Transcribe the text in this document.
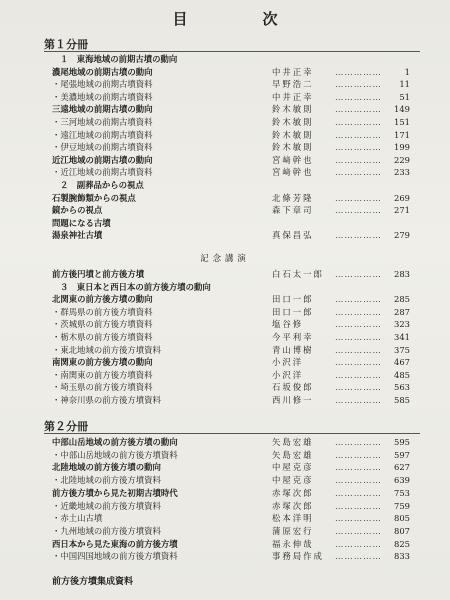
目　次
第１分冊
１　東海地域の前期古墳の動向
濃尾地域の前期古墳の動向	中井正幸	……………	1
・尾張地域の前期古墳資料	早野浩二	……………	11
・美濃地域の前期古墳資料	中井正幸	……………	51
三遠地域の前期古墳の動向	鈴木敏則	……………	149
・三河地域の前期古墳資料	鈴木敏則	……………	151
・遠江地域の前期古墳資料	鈴木敏則	……………	171
・伊豆地域の前期古墳資料	鈴木敏則	……………	199
近江地域の前期古墳の動向	宮﨑幹也	……………	229
・近江地域の前期古墳資料	宮﨑幹也	……………	233
２　副葬品からの視点
石製腕飾類からの視点	北條芳隆	……………	269
鏡からの視点	森下章司	……………	271
問題になる古墳
湯泉神社古墳	真保昌弘	……………	279
記念講演
前方後円墳と前方後方墳	白石太一郎 ……………	283
３　東日本と西日本の前方後方墳の動向
北関東の前方後方墳の動向	田口一郎	……………	285
・群馬県の前方後方墳資料	田口一郎	……………	287
・茨城県の前方後方墳資料	塩谷修	……………	323
・栃木県の前方後方墳資料	今平利幸	……………	341
・東北地域の前方後方墳資料	青山博樹	……………	375
南関東の前方後方墳の動向	小沢洋	……………	467
・南関東の前方後方墳資料	小沢洋	……………	485
・埼玉県の前方後方墳資料	石坂俊郎	……………	563
・神奈川県の前方後方墳資料	西川修一	……………	585
第２分冊
中部山岳地域の前方後方墳の動向	矢島宏雄	……………	595
・中部山岳地域の前方後方墳資料	矢島宏雄	……………	597
北陸地域の前方後方墳の動向	中屋克彦	……………	627
・北陸地域の前方後方墳資料	中屋克彦	……………	639
前方後方墳から見た初期古墳時代	赤塚次郎	……………	753
・近畿地域の前方後方墳資料	赤塚次郎	……………	759
・赤土山古墳	松本洋明	……………	805
・九州地域の前方後方墳資料	蒲原宏行	……………	807
西日本から見た東海の前方後方墳	福永伸哉	……………	825
・中国四国地域の前方後方墳資料	事務局作成 ……………	833
前方後方墳集成資料
